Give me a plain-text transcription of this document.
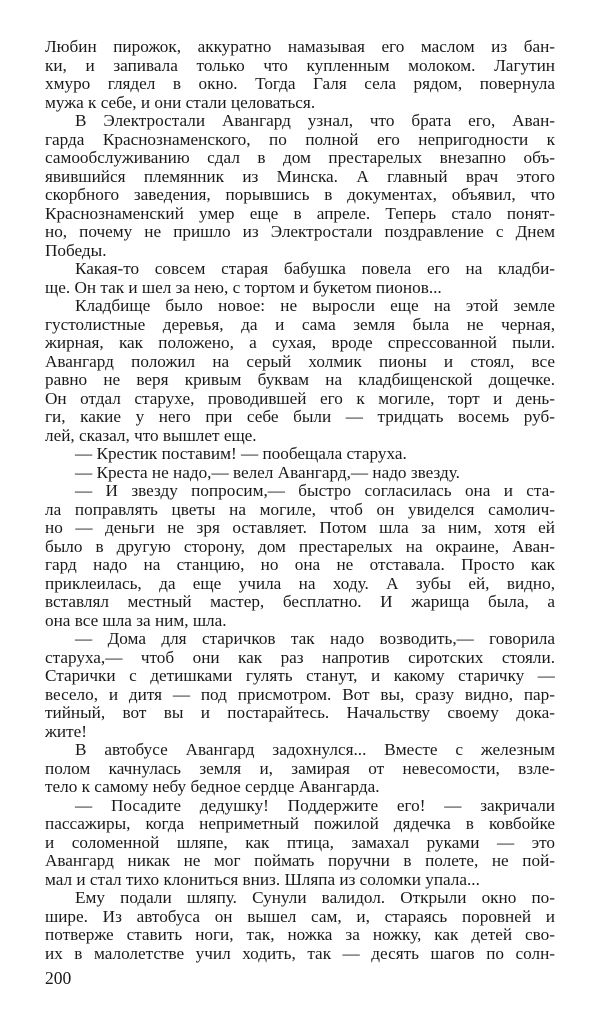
Любин пирожок, аккуратно намазывая его маслом из бан-
ки, и запивала только что купленным молоком. Лагутин
хмуро глядел в окно. Тогда Галя села рядом, повернула
мужа к себе, и они стали целоваться.
В Электростали Авангард узнал, что брата его, Аван-
гарда Краснознаменского, по полной его непригодности к
самообслуживанию сдал в дом престарелых внезапно объ-
явившийся племянник из Минска. А главный врач этого
скорбного заведения, порывшись в документах, объявил, что
Краснознаменский умер еще в апреле. Теперь стало понят-
но, почему не пришло из Электростали поздравление с Днем
Победы.
Какая-то совсем старая бабушка повела его на кладби-
ще. Он так и шел за нею, с тортом и букетом пионов...
Кладбище было новое: не выросли еще на этой земле
густолистные деревья, да и сама земля была не черная,
жирная, как положено, а сухая, вроде спрессованной пыли.
Авангард положил на серый холмик пионы и стоял, все
равно не веря кривым буквам на кладбищенской дощечке.
Он отдал старухе, проводившей его к могиле, торт и день-
ги, какие у него при себе были — тридцать восемь руб-
лей, сказал, что вышлет еще.
— Крестик поставим! — пообещала старуха.
— Креста не надо,— велел Авангард,— надо звезду.
— И звезду попросим,— быстро согласилась она и ста-
ла поправлять цветы на могиле, чтоб он увиделся самолич-
но — деньги не зря оставляет. Потом шла за ним, хотя ей
было в другую сторону, дом престарелых на окраине, Аван-
гард надо на станцию, но она не отставала. Просто как
приклеилась, да еще учила на ходу. А зубы ей, видно,
вставлял местный мастер, бесплатно. И жарища была, а
она все шла за ним, шла.
— Дома для старичков так надо возводить,— говорила
старуха,— чтоб они как раз напротив сиротских стояли.
Старички с детишками гулять станут, и какому старичку —
весело, и дитя — под присмотром. Вот вы, сразу видно, пар-
тийный, вот вы и постарайтесь. Начальству своему дока-
жите!
В автобусе Авангард задохнулся... Вместе с железным
полом качнулась земля и, замирая от невесомости, взле-
тело к самому небу бедное сердце Авангарда.
— Посадите дедушку! Поддержите его! — закричали
пассажиры, когда неприметный пожилой дядечка в ковбойке
и соломенной шляпе, как птица, замахал руками — это
Авангард никак не мог поймать поручни в полете, не пой-
мал и стал тихо клониться вниз. Шляпа из соломки упала...
Ему подали шляпу. Сунули валидол. Открыли окно по-
шире. Из автобуса он вышел сам, и, стараясь поровней и
потверже ставить ноги, так, ножка за ножку, как детей сво-
их в малолетстве учил ходить, так — десять шагов по солн-
200
